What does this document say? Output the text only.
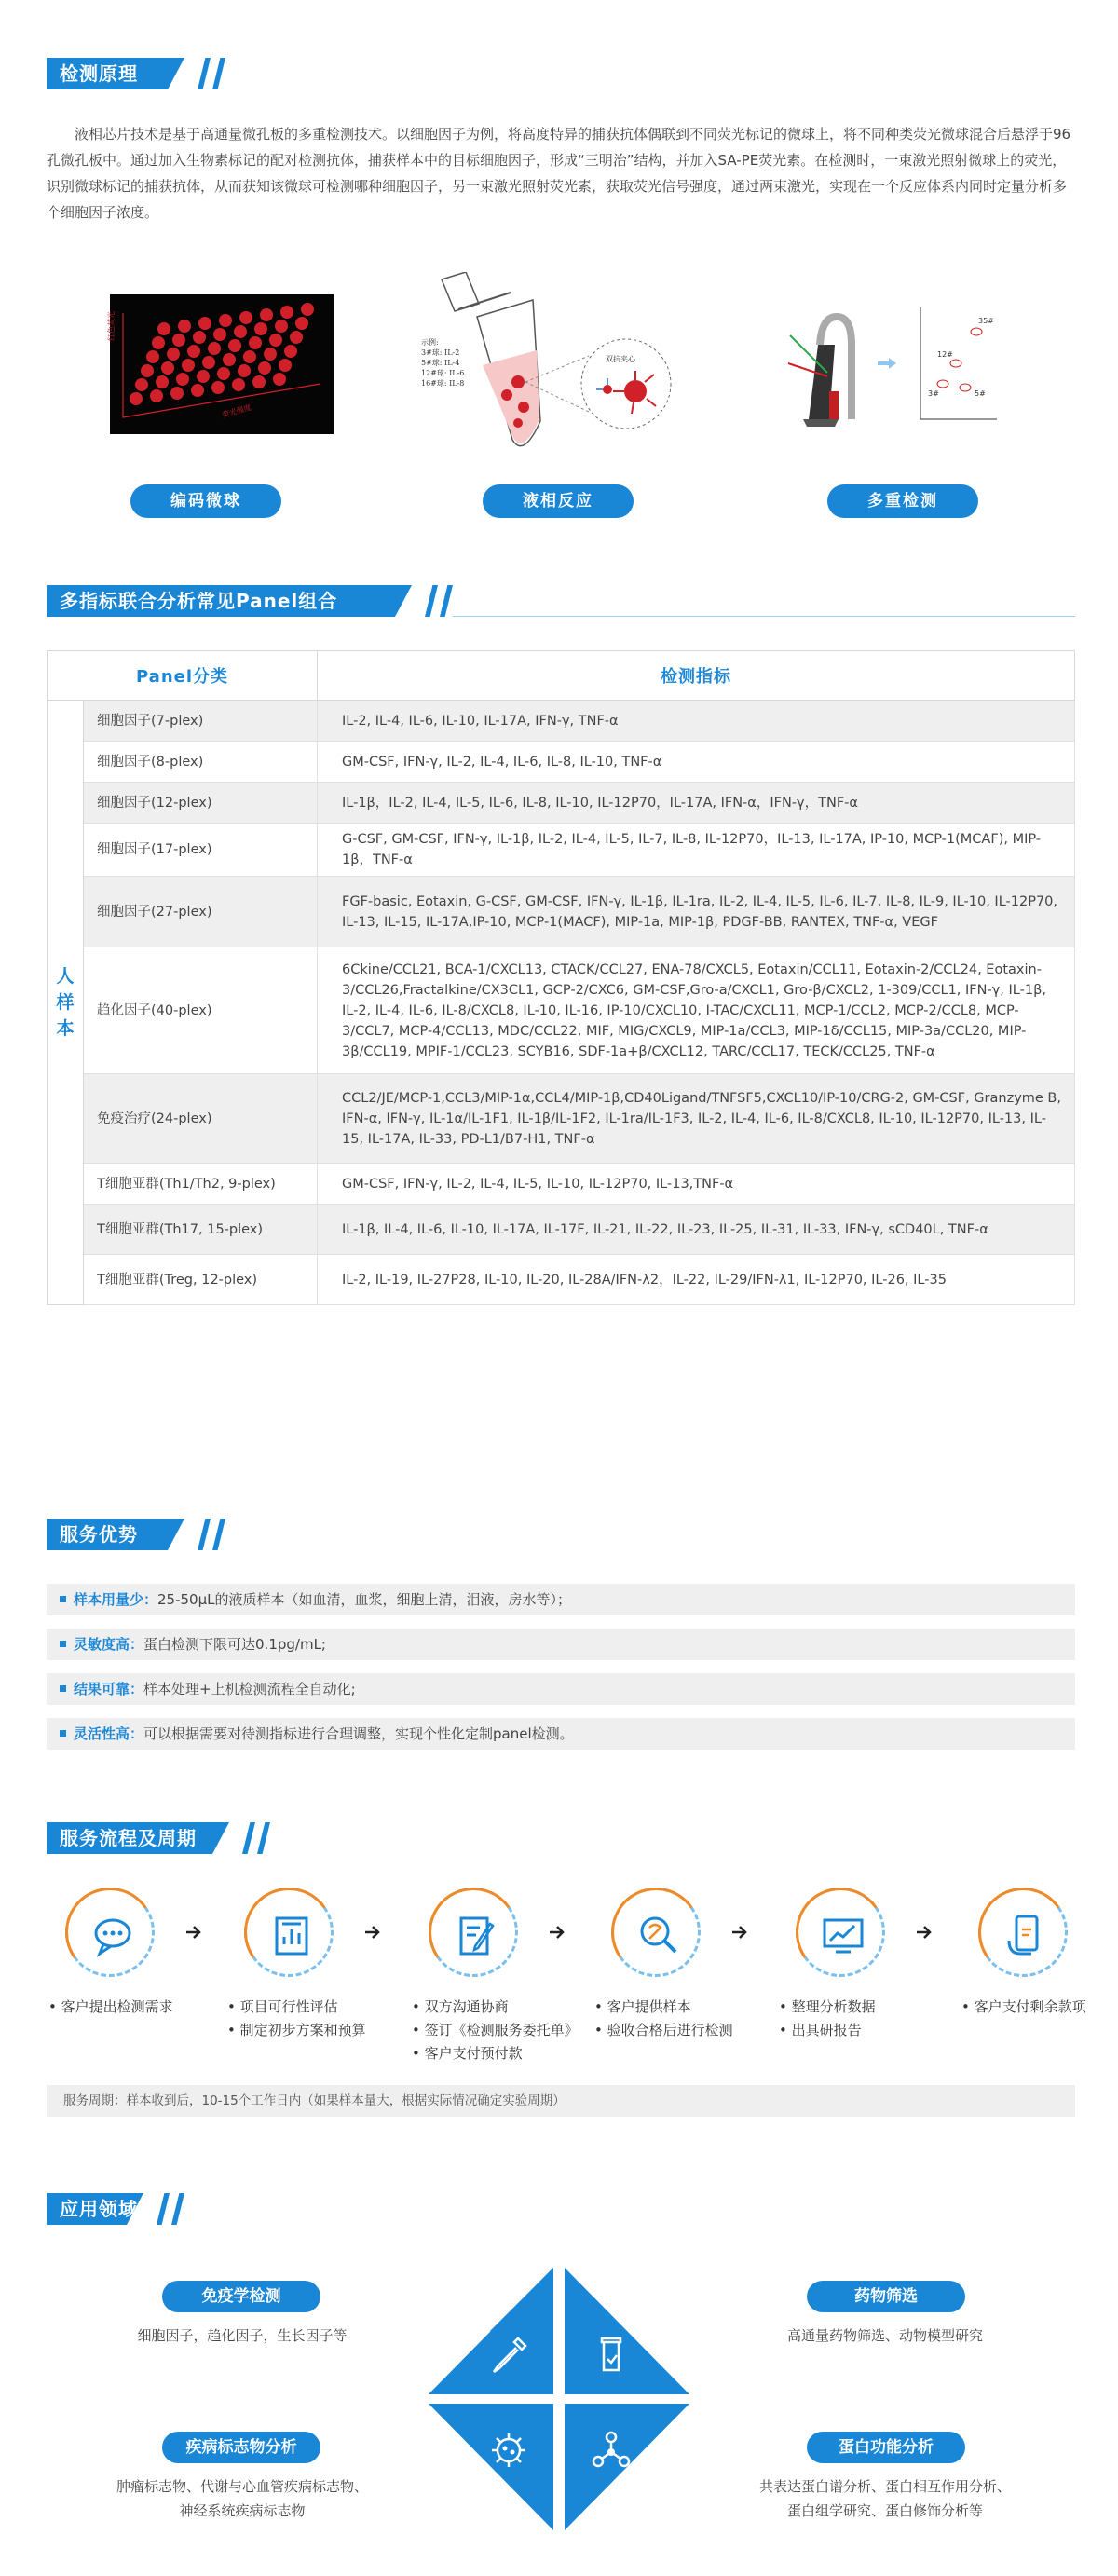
检测原理

液相芯片技术是基于高通量微孔板的多重检测技术。以细胞因子为例，将高度特异的捕获抗体偶联到不同荧光标记的微球上，将不同种类荧光微球混合后悬浮于96孔微孔板中。通过加入生物素标记的配对检测抗体，捕获样本中的目标细胞因子，形成“三明治”结构，并加入SA-PE荧光素。在检测时，一束激光照射微球上的荧光，识别微球标记的捕获抗体，从而获知该微球可检测哪种细胞因子，另一束激光照射荧光素，获取荧光信号强度，通过两束激光，实现在一个反应体系内同时定量分析多个细胞因子浓度。

红色荧光
荧光强度
示例:
3#球: IL-2
5#球: IL-4
12#球: IL-6
16#球: IL-8
双抗夹心
35#
12#
3#	5#
编码微球	液相反应	多重检测
多指标联合分析常见Panel组合
Panel分类		检测指标

人
样
本	细胞因子(7-plex)	IL-2, IL-4, IL-6, IL-10, IL-17A, IFN-γ, TNF-α
	细胞因子(8-plex)	GM-CSF, IFN-γ, IL-2, IL-4, IL-6, IL-8, IL-10, TNF-α
	细胞因子(12-plex)	IL-1β，IL-2, IL-4, IL-5, IL-6, IL-8, IL-10, IL-12P70，IL-17A, IFN-α，IFN-γ，TNF-α
	细胞因子(17-plex)	G-CSF, GM-CSF, IFN-γ, IL-1β, IL-2, IL-4, IL-5, IL-7, IL-8, IL-12P70，IL-13, IL-17A, IP-10, MCP-1(MCAF), MIP-1β，TNF-α
	细胞因子(27-plex)	FGF-basic, Eotaxin, G-CSF, GM-CSF, IFN-γ, IL-1β, IL-1ra, IL-2, IL-4, IL-5, IL-6, IL-7, IL-8, IL-9, IL-10, IL-12P70, IL-13, IL-15, IL-17A,IP-10, MCP-1(MACF), MIP-1a, MIP-1β, PDGF-BB, RANTEX, TNF-α, VEGF
	趋化因子(40-plex)	6Ckine/CCL21, BCA-1/CXCL13, CTACK/CCL27, ENA-78/CXCL5, Eotaxin/CCL11, Eotaxin-2/CCL24, Eotaxin-3/CCL26,Fractalkine/CX3CL1, GCP-2/CXC6, GM-CSF,Gro-a/CXCL1, Gro-β/CXCL2, 1-309/CCL1, IFN-γ, IL-1β, IL-2, IL-4, IL-6, IL-8/CXCL8, IL-10, IL-16, IP-10/CXCL10, I-TAC/CXCL11, MCP-1/CCL2, MCP-2/CCL8, MCP-3/CCL7, MCP-4/CCL13, MDC/CCL22, MIF, MIG/CXCL9, MIP-1a/CCL3, MIP-1δ/CCL15, MIP-3a/CCL20, MIP-3β/CCL19, MPIF-1/CCL23, SCYB16, SDF-1a+β/CXCL12, TARC/CCL17, TECK/CCL25, TNF-α
	免疫治疗(24-plex)	CCL2/JE/MCP-1,CCL3/MIP-1α,CCL4/MIP-1β,CD40Ligand/TNFSF5,CXCL10/IP-10/CRG-2, GM-CSF, Granzyme B, IFN-α, IFN-γ, IL-1α/IL-1F1, IL-1β/IL-1F2, IL-1ra/IL-1F3, IL-2, IL-4, IL-6, IL-8/CXCL8, IL-10, IL-12P70, IL-13, IL-15, IL-17A, IL-33, PD-L1/B7-H1, TNF-α
	T细胞亚群(Th1/Th2, 9-plex)	GM-CSF, IFN-γ, IL-2, IL-4, IL-5, IL-10, IL-12P70, IL-13,TNF-α
	T细胞亚群(Th17, 15-plex)	IL-1β, IL-4, IL-6, IL-10, IL-17A, IL-17F, IL-21, IL-22, IL-23, IL-25, IL-31, IL-33, IFN-γ, sCD40L, TNF-α
	T细胞亚群(Treg, 12-plex)	IL-2, IL-19, IL-27P28, IL-10, IL-20, IL-28A/IFN-λ2，IL-22, IL-29/IFN-λ1, IL-12P70, IL-26, IL-35
服务优势
样本用量少：25-50μL的液质样本（如血清，血浆，细胞上清，泪液，房水等）；
灵敏度高：蛋白检测下限可达0.1pg/mL;
结果可靠：样本处理+上机检测流程全自动化;
灵活性高：可以根据需要对待测指标进行合理调整，实现个性化定制panel检测。
服务流程及周期
• 客户提出检测需求	• 项目可行性评估
• 制定初步方案和预算
• 双方沟通协商
• 签订《检测服务委托单》
• 客户支付预付款
• 客户提供样本
• 验收合格后进行检测
• 整理分析数据
• 出具研报告
• 客户支付剩余款项
服务周期：样本收到后，10-15个工作日内（如果样本量大，根据实际情况确定实验周期）
应用领域
免疫学检测
细胞因子，趋化因子，生长因子等
药物筛选
高通量药物筛选、动物模型研究
疾病标志物分析
肿瘤标志物、代谢与心血管疾病标志物、
神经系统疾病标志物
蛋白功能分析
共表达蛋白谱分析、蛋白相互作用分析、
蛋白组学研究、蛋白修饰分析等
